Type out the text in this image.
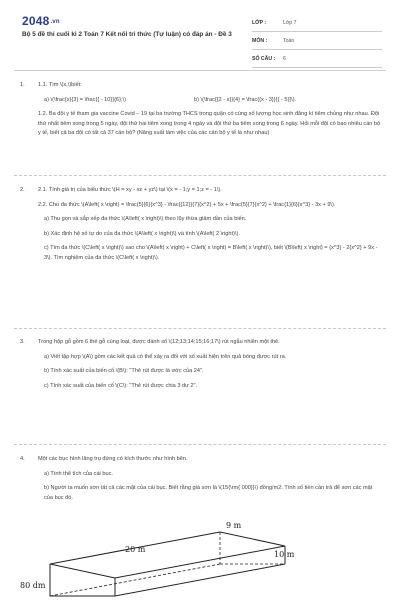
2048.vn
Bộ 5 đề thi cuối kì 2 Toán 7 Kết nối tri thức (Tự luận) có đáp án - Đề 3
LỚP :	Lớp 7
MÔN :	Toán
SỐ CÂU :	6
1.	1.1. Tìm \(x,\)biết:
a) \(\frac{x}{3} = \frac{{ - 10}}{6};\)	b) \(\frac{{2 - x}}{4} = \frac{{x - 3}}{{ - 5}}\).
1.2. Ba đội y tế tham gia vaccine Covid – 19 tại ba trường THCS trong quận có cùng số lượng học sinh đăng kí tiêm chủng như nhau. Đội thứ nhất tiêm xong trong 5 ngày, đội thứ hai tiêm xong trong 4 ngày và đội thứ ba tiêm xong trong 6 ngày. Hỏi mỗi đội có bao nhiêu cán bộ y tế, biết cả ba đội có tất cả 37 cán bộ? (Năng suất làm việc của các cán bộ y tế là như nhau)
2.	2.1. Tính giá trị của biểu thức \(H = xy - xz + yz\) tại \(x = - 1;y = 1;z = - 1\).
2.2. Cho đa thức \(A\left( x \right) = \frac{5}{6}{x^3} - \frac{{12}}{7}{x^2} + 5x + \frac{5}{7}{x^2} + \frac{1}{6}{x^3} - 3x + 9\).
a) Thu gọn và sắp xếp đa thức \(A\left( x \right)\) theo lũy thừa giảm dần của biến.
b) Xác định hệ số tự do của đa thức \(A\left( x \right)\) và tính \(A\left( 2 \right)\).
c) Tìm đa thức \(C\left( x \right)\) sao cho \(A\left( x \right) + C\left( x \right) = B\left( x \right)\), biết \(B\left( x \right) = {x^3} - 2{x^2} + 9x - 3\). Tìm nghiệm của đa thức \(C\left( x \right)\).
3.	Trong hộp gỗ gồm 6 thẻ gỗ cùng loại, được đánh số \(12;13;14;15;16;17\) rút ngẫu nhiên một thẻ.
a) Viết tập hợp \(A\) gồm các kết quả có thể xảy ra đối với số xuất hiện trên quả bóng được rút ra.
b) Tính xác suất của biến cố \(B\): "Thẻ rút được là ước của 24".
c) Tính xác suất của biến cố \(C\): "Thẻ rút được chia 3 dư 2".
4.	Một các bục hình lăng trụ đứng có kích thước như hình bên.
a) Tính thể tích của cái bục.
b) Người ta muốn sơn tất cả các mặt của cái bục. Biết rằng giá sơn là \(15{\rm{ 000}}\) đồng/m2. Tính số tiền cần trả để sơn các mặt của bục đó.
9 m
20 m
10 m
80 dm
